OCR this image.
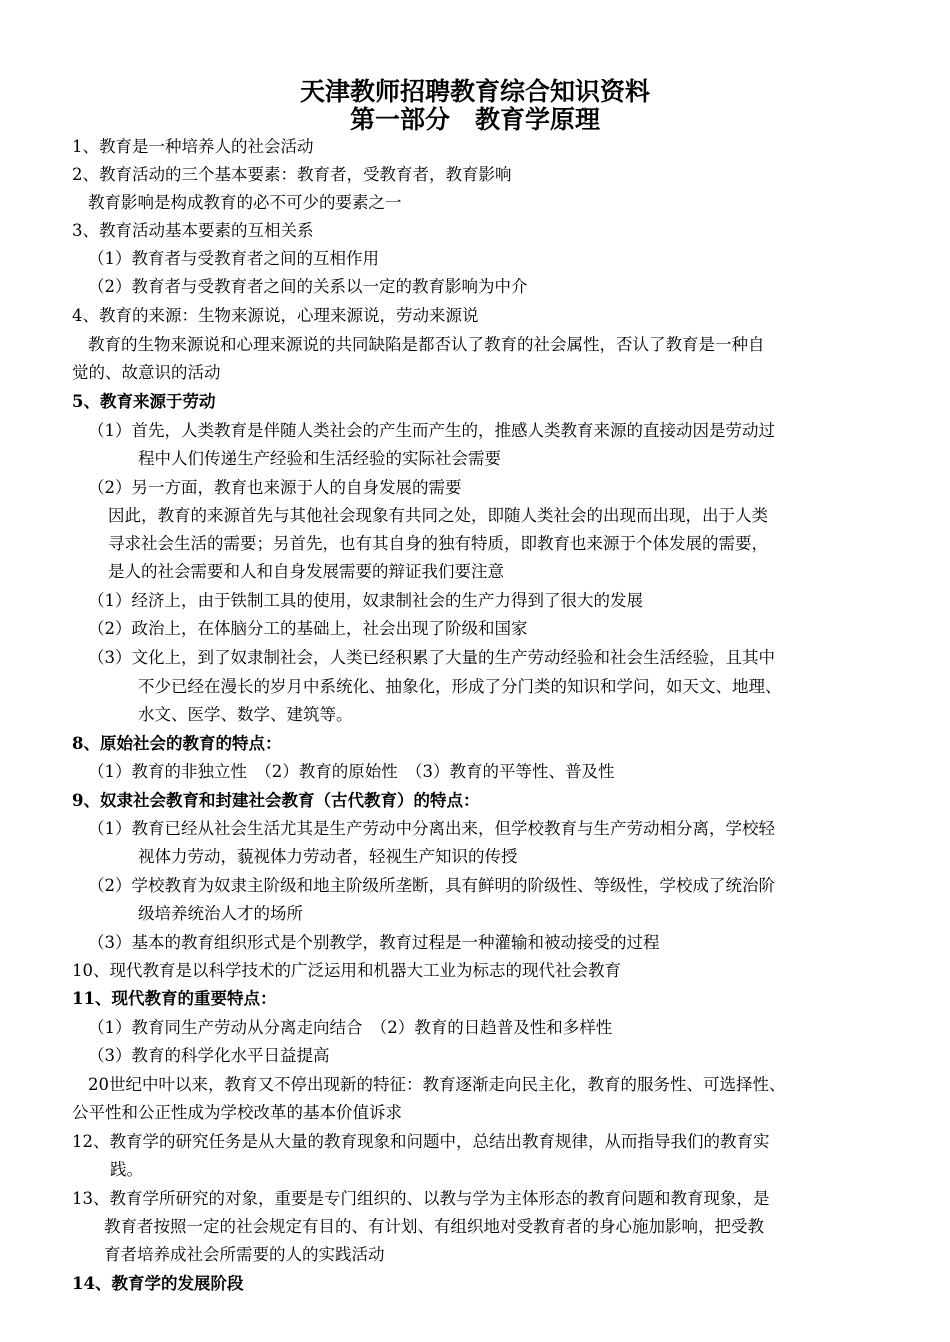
天津教师招聘教育综合知识资料
第一部分　教育学原理
1、教育是一种培养人的社会活动
2、教育活动的三个基本要素：教育者，受教育者，教育影响
教育影响是构成教育的必不可少的要素之一
3、教育活动基本要素的互相关系
（1）教育者与受教育者之间的互相作用
（2）教育者与受教育者之间的关系以一定的教育影响为中介
4、教育的来源：生物来源说，心理来源说，劳动来源说
教育的生物来源说和心理来源说的共同缺陷是都否认了教育的社会属性，否认了教育是一种自
觉的、故意识的活动
5、教育来源于劳动
（1）首先，人类教育是伴随人类社会的产生而产生的，推感人类教育来源的直接动因是劳动过
程中人们传递生产经验和生活经验的实际社会需要
（2）另一方面，教育也来源于人的自身发展的需要
因此，教育的来源首先与其他社会现象有共同之处，即随人类社会的出现而出现，出于人类
寻求社会生活的需要；另首先，也有其自身的独有特质，即教育也来源于个体发展的需要，
是人的社会需要和人和自身发展需要的辩证我们要注意
（1）经济上，由于铁制工具的使用，奴隶制社会的生产力得到了很大的发展
（2）政治上，在体脑分工的基础上，社会出现了阶级和国家
（3）文化上，到了奴隶制社会，人类已经积累了大量的生产劳动经验和社会生活经验，且其中
不少已经在漫长的岁月中系统化、抽象化，形成了分门类的知识和学问，如天文、地理、
水文、医学、数学、建筑等。
8、原始社会的教育的特点：
（1）教育的非独立性　（2）教育的原始性　（3）教育的平等性、普及性
9、奴隶社会教育和封建社会教育（古代教育）的特点：
（1）教育已经从社会生活尤其是生产劳动中分离出来，但学校教育与生产劳动相分离，学校轻
视体力劳动，藐视体力劳动者，轻视生产知识的传授
（2）学校教育为奴隶主阶级和地主阶级所垄断，具有鲜明的阶级性、等级性，学校成了统治阶
级培养统治人才的场所
（3）基本的教育组织形式是个别教学，教育过程是一种灌输和被动接受的过程
10、现代教育是以科学技术的广泛运用和机器大工业为标志的现代社会教育
11、现代教育的重要特点：
（1）教育同生产劳动从分离走向结合　（2）教育的日趋普及性和多样性
（3）教育的科学化水平日益提高
20世纪中叶以来，教育又不停出现新的特征：教育逐渐走向民主化，教育的服务性、可选择性、
公平性和公正性成为学校改革的基本价值诉求
12、教育学的研究任务是从大量的教育现象和问题中，总结出教育规律，从而指导我们的教育实
践。
13、教育学所研究的对象，重要是专门组织的、以教与学为主体形态的教育问题和教育现象，是
教育者按照一定的社会规定有目的、有计划、有组织地对受教育者的身心施加影响，把受教
育者培养成社会所需要的人的实践活动
14、教育学的发展阶段
